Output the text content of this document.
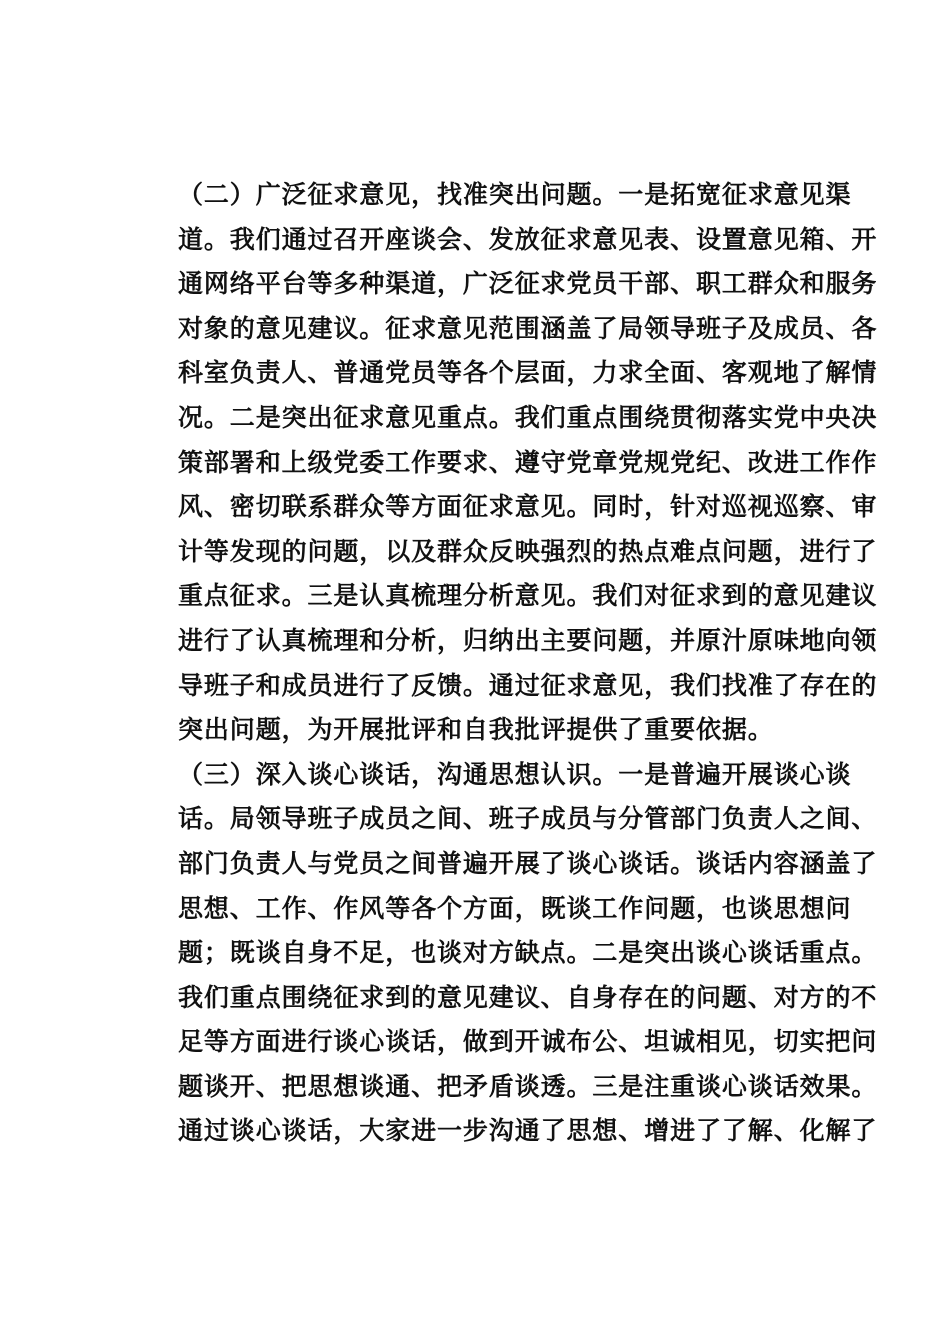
（二）广泛征求意见，找准突出问题。一是拓宽征求意见渠
道。我们通过召开座谈会、发放征求意见表、设置意见箱、开
通网络平台等多种渠道，广泛征求党员干部、职工群众和服务
对象的意见建议。征求意见范围涵盖了局领导班子及成员、各
科室负责人、普通党员等各个层面，力求全面、客观地了解情
况。二是突出征求意见重点。我们重点围绕贯彻落实党中央决
策部署和上级党委工作要求、遵守党章党规党纪、改进工作作
风、密切联系群众等方面征求意见。同时，针对巡视巡察、审
计等发现的问题，以及群众反映强烈的热点难点问题，进行了
重点征求。三是认真梳理分析意见。我们对征求到的意见建议
进行了认真梳理和分析，归纳出主要问题，并原汁原味地向领
导班子和成员进行了反馈。通过征求意见，我们找准了存在的
突出问题，为开展批评和自我批评提供了重要依据。
（三）深入谈心谈话，沟通思想认识。一是普遍开展谈心谈
话。局领导班子成员之间、班子成员与分管部门负责人之间、
部门负责人与党员之间普遍开展了谈心谈话。谈话内容涵盖了
思想、工作、作风等各个方面，既谈工作问题，也谈思想问
题；既谈自身不足，也谈对方缺点。二是突出谈心谈话重点。
我们重点围绕征求到的意见建议、自身存在的问题、对方的不
足等方面进行谈心谈话，做到开诚布公、坦诚相见，切实把问
题谈开、把思想谈通、把矛盾谈透。三是注重谈心谈话效果。
通过谈心谈话，大家进一步沟通了思想、增进了了解、化解了
